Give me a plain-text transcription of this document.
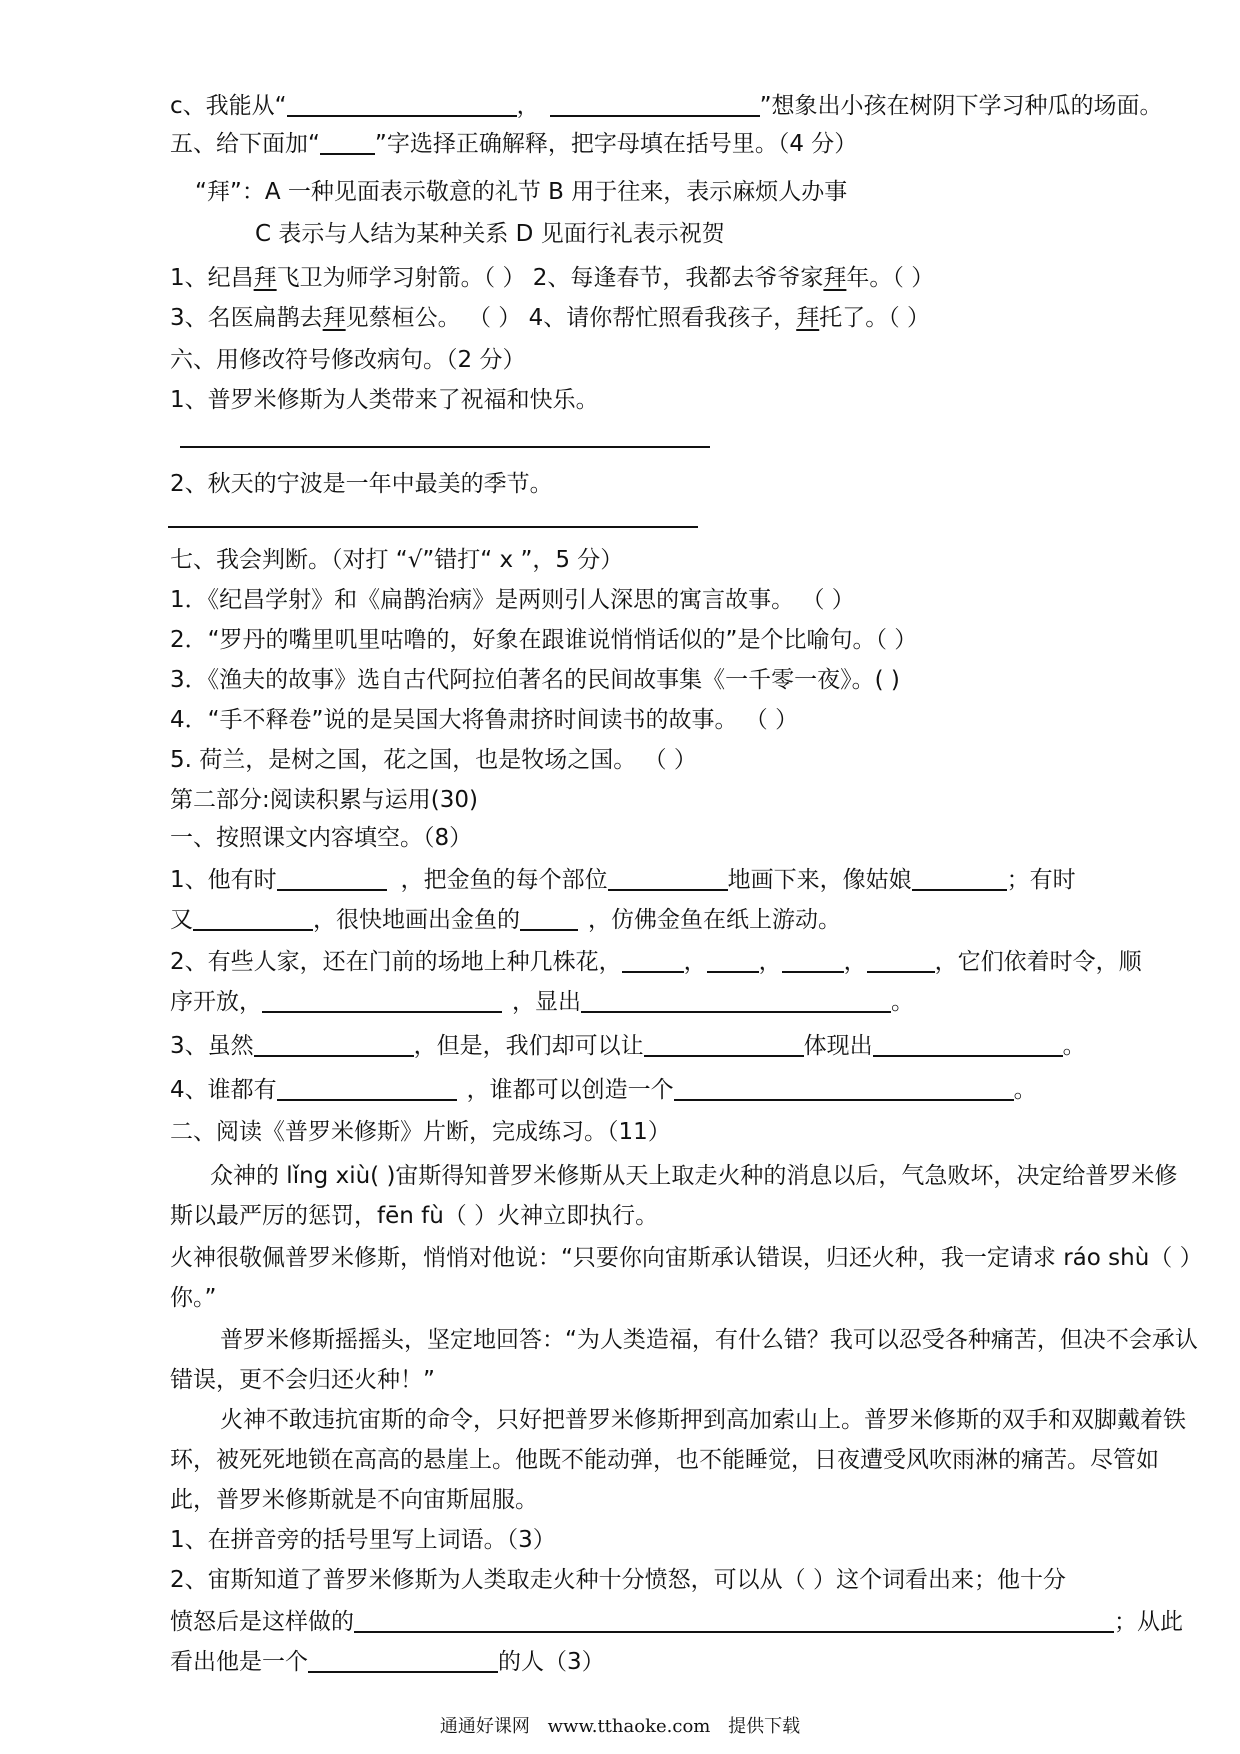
c、我能从“	，	”想象出小孩在树阴下学习种瓜的场面。
五、给下面加“ ”字选择正确解释，把字母填在括号里。（4 分）
“拜”：A 一种见面表示敬意的礼节 B 用于往来，表示麻烦人办事
C 表示与人结为某种关系 D 见面行礼表示祝贺
1、纪昌拜飞卫为师学习射箭。（ ） 2、每逢春节，我都去爷爷家拜年。（ ）
3、名医扁鹊去拜见蔡桓公。 （ ） 4、请你帮忙照看我孩子，拜托了。（ ）
六、用修改符号修改病句。（2 分）
1、普罗米修斯为人类带来了祝福和快乐。
2、秋天的宁波是一年中最美的季节。
七、我会判断。（对打 “√”错打“ x ”，5 分）
1．《纪昌学射》和《扁鹊治病》是两则引人深思的寓言故事。 （ ）
2．“罗丹的嘴里叽里咕噜的，好象在跟谁说悄悄话似的”是个比喻句。（ ）
3．《渔夫的故事》选自古代阿拉伯著名的民间故事集《一千零一夜》。( )
4．“手不释卷”说的是吴国大将鲁肃挤时间读书的故事。 （ ）
5. 荷兰，是树之国，花之国，也是牧场之国。 （ ）
第二部分:阅读积累与运用(30)
一、按照课文内容填空。（8）
1、他有时	，把金鱼的每个部位	地画下来，像姑娘	；有时
又	，很快地画出金鱼的	，仿佛金鱼在纸上游动。
2、有些人家，还在门前的场地上种几株花，	， ，	，	，它们依着时令，顺
序开放，	，显出	。
3、虽然	，但是，我们却可以让	体现出	。
4、谁都有	，谁都可以创造一个	。
二、阅读《普罗米修斯》片断，完成练习。（11）
众神的 lǐng xiù( )宙斯得知普罗米修斯从天上取走火种的消息以后，气急败坏，决定给普罗米修斯以最严厉的惩罚，fēn fù（ ）火神立即执行。
火神很敬佩普罗米修斯，悄悄对他说：“只要你向宙斯承认错误，归还火种，我一定请求 ráo shù（ ）你。”
普罗米修斯摇摇头，坚定地回答：“为人类造福，有什么错？我可以忍受各种痛苦，但决不会承认错误，更不会归还火种！”
火神不敢违抗宙斯的命令，只好把普罗米修斯押到高加索山上。普罗米修斯的双手和双脚戴着铁环，被死死地锁在高高的悬崖上。他既不能动弹，也不能睡觉，日夜遭受风吹雨淋的痛苦。尽管如此，普罗米修斯就是不向宙斯屈服。
1、在拼音旁的括号里写上词语。（3）
2、宙斯知道了普罗米修斯为人类取走火种十分愤怒，可以从（ ）这个词看出来；他十分
愤怒后是这样做的	；从此
看出他是一个	的人（3）
通通好课网 www.tthaoke.com 提供下载
